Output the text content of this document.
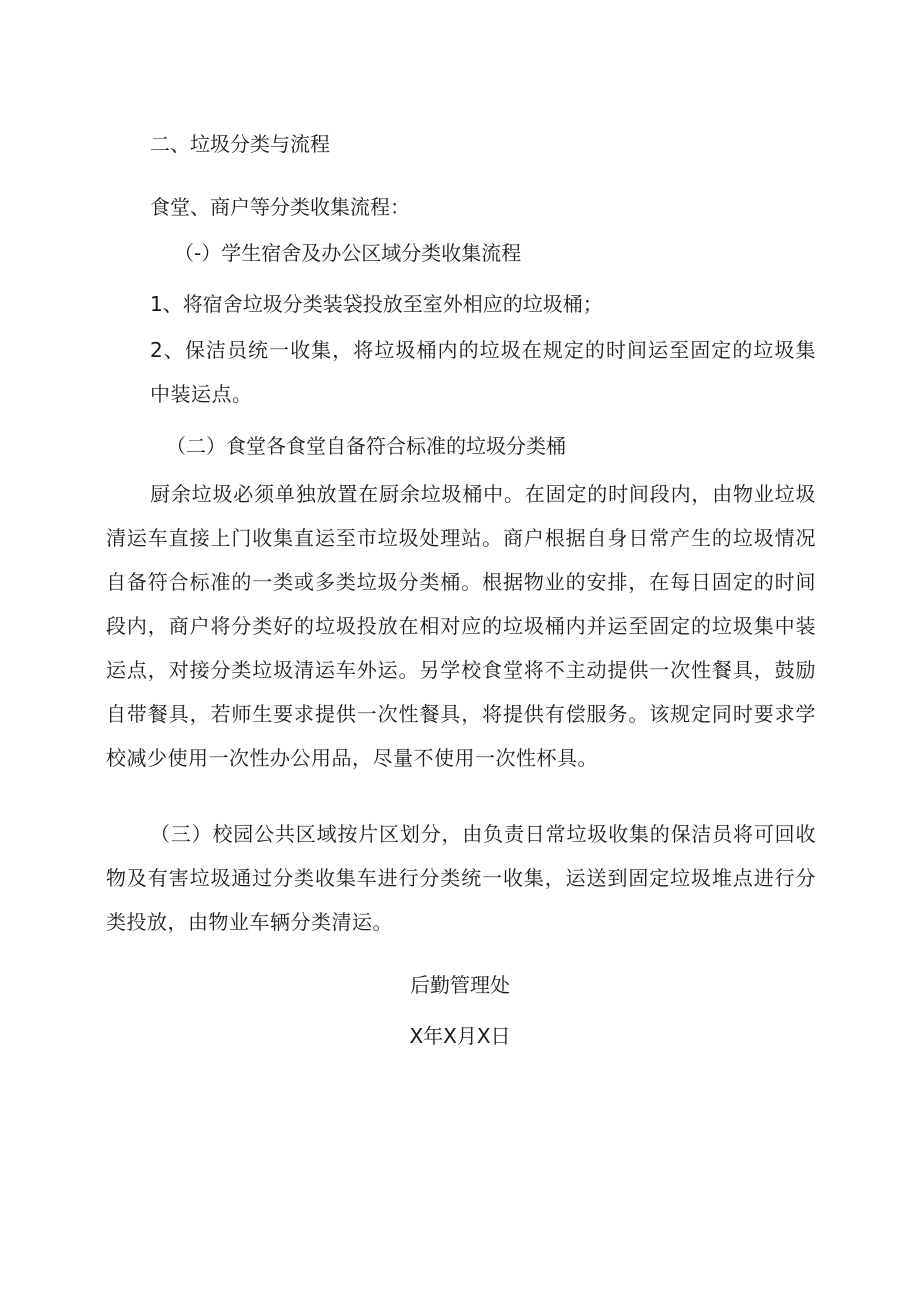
二、垃圾分类与流程

食堂、商户等分类收集流程：

（-）学生宿舍及办公区域分类收集流程

1、将宿舍垃圾分类装袋投放至室外相应的垃圾桶；

2、保洁员统一收集，将垃圾桶内的垃圾在规定的时间运至固定的垃圾集中装运点。

（二）食堂各食堂自备符合标准的垃圾分类桶

厨余垃圾必须单独放置在厨余垃圾桶中。在固定的时间段内，由物业垃圾清运车直接上门收集直运至市垃圾处理站。商户根据自身日常产生的垃圾情况自备符合标准的一类或多类垃圾分类桶。根据物业的安排，在每日固定的时间段内，商户将分类好的垃圾投放在相对应的垃圾桶内并运至固定的垃圾集中装运点，对接分类垃圾清运车外运。另学校食堂将不主动提供一次性餐具，鼓励自带餐具，若师生要求提供一次性餐具，将提供有偿服务。该规定同时要求学校减少使用一次性办公用品，尽量不使用一次性杯具。

（三）校园公共区域按片区划分，由负责日常垃圾收集的保洁员将可回收物及有害垃圾通过分类收集车进行分类统一收集，运送到固定垃圾堆点进行分类投放，由物业车辆分类清运。

后勤管理处

X年X月X日
